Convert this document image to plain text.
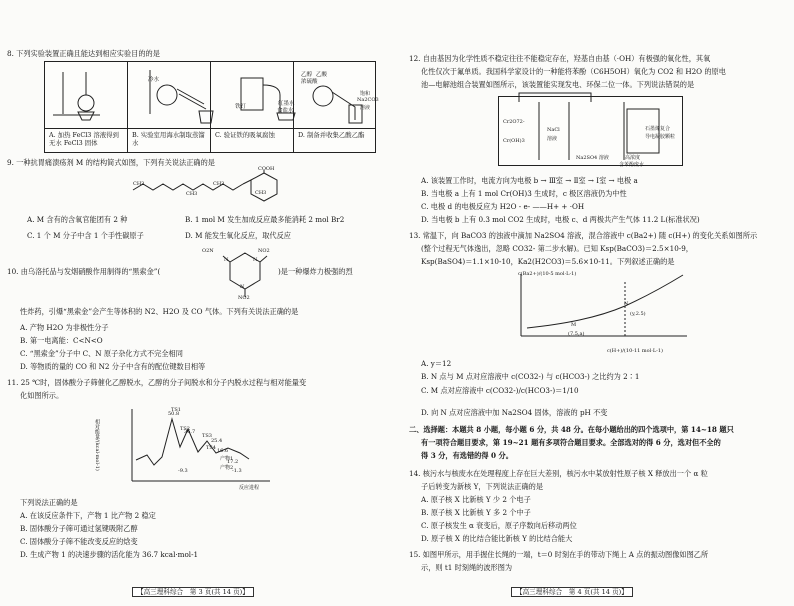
8. 下列实验装置正确且能达到相应实验目的的是
冷水
铁钉	红墨水
食盐水
乙醇 乙酸
浓硫酸
饱和
Na2CO3
溶液
A. 加热 FeCl3 溶液得到无水 FeCl3 固体
B. 实验室用海水制取蒸馏水
C. 验证铁的吸氧腐蚀	D. 制备并收集乙酸乙酯
9. 一种抗胃痛溃疡剂 M 的结构简式如图，下列有关说法正确的是
CH3
CH3
CH3
CH3
COOH
A. M 含有的含氧官能团有 2 种	B. 1 mol M 发生加成反应最多能消耗 2 mol Br2
C. 1 个 M 分子中含 1 个手性碳原子	D. M 能发生氧化反应，取代反应
10. 由乌洛托品与发烟硝酸作用制得的“黑索金”(
O2N	NO2
N	N
N
NO2
)是一种爆炸力极强的烈
性炸药，引爆“黑索金”会产生等体积的 N2、H2O 及 CO 气体。下列有关说法正确的是
A. 产物 H2O 为非极性分子
B. 第一电离能：C<N<O
C. “黑索金”分子中 C、N 原子杂化方式不完全相同
D. 等物质的量的 CO 和 N2 分子中含有的配位键数目相等
11. 25 ℃时，固体酸分子筛催化乙醇脱水，乙醇的分子间脱水和分子内脱水过程与相对能量变
化如图所示。
相对能量/(kcal·mol-1)
反应进程
50.8
36.7
25.4
16.6
17.2
-1.3
-9.3
TS1
TS2
TS3
TS4
产物1
产物2
下列说法正确的是
A. 在该反应条件下，产物 1 比产物 2 稳定
B. 固体酸分子筛可通过氢键吸附乙醇
C. 固体酸分子筛不能改变反应的焓变
D. 生成产物 1 的决速步骤的活化能为 36.7 kcal·mol-1
【高三理科综合　第 3 页(共 14 页)】
12. 自由基因为化学性质不稳定往往不能稳定存在，羟基自由基（·OH）有极强的氧化性，其氧
化性仅次于氟单质。我国科学家设计的一种能将苯酚（C6H5OH）氧化为 CO2 和 H2O 的原电
池—电解池组合装置如图所示，该装置能实现发电、环保二位一体。下列说法错误的是
Cr2O72-
Cr(OH)3
NaCl
溶液
Na2SO4 溶液	高浓度
含苯酚废水
石墨烯复合
导电凝胶颗粒
A. 该装置工作时，电流方向为电极 b → Ⅲ室 → Ⅱ室 → Ⅰ室 → 电极 a
B. 当电极 a 上有 1 mol Cr(OH)3 生成时，c 极区溶液仍为中性
C. 电极 d 的电极反应为 H2O - e- ——H+ + ·OH
D. 当电极 b 上有 0.3 mol CO2 生成时，电极 c、d 两极共产生气体 11.2 L(标准状况)
13. 常温下，向 BaCO3 的浊液中滴加 Na2SO4 溶液，混合溶液中 c(Ba2+) 随 c(H+) 的变化关系如图所示
(整个过程无气体逸出，忽略 CO32- 第二步水解)。已知 Ksp(BaCO3)＝2.5×10-9，
Ksp(BaSO4)＝1.1×10-10，Ka2(H2CO3)＝5.6×10-11。下列叙述正确的是
c(Ba2+)/(10-5 mol·L-1)
N
M
(7.5,a)
(y,2.5)
c(H+)/(10-11 mol·L-1)
A. y＝12
B. N 点与 M 点对应溶液中 c(CO32-) 与 c(HCO3-) 之比约为 2∶1
C. M 点对应溶液中 c(CO32-)/c(HCO3-)＝1/10
D. 向 N 点对应溶液中加 Na2SO4 固体，溶液的 pH 不变
二、选择题：本题共 8 小题，每小题 6 分，共 48 分。在每小题给出的四个选项中，第 14~18 题只
有一项符合题目要求，第 19~21 题有多项符合题目要求。全部选对的得 6 分，选对但不全的
得 3 分，有选错的得 0 分。
14. 核污水与核废水在处理程度上存在巨大差别，核污水中某放射性原子核 X 释放出一个 α 粒
子后转变为新核 Y，下列说法正确的是
A. 原子核 X 比新核 Y 少 2 个电子
B. 原子核 X 比新核 Y 多 2 个中子
C. 原子核发生 α 衰变后，原子序数向后移动两位
D. 原子核 X 的比结合能比新核 Y 的比结合能大
15. 如图甲所示，用手握住长绳的一端，t＝0 时刻在手的带动下绳上 A 点的振动图像如图乙所
示，则 t1 时刻绳的波形图为
【高三理科综合　第 4 页(共 14 页)】
